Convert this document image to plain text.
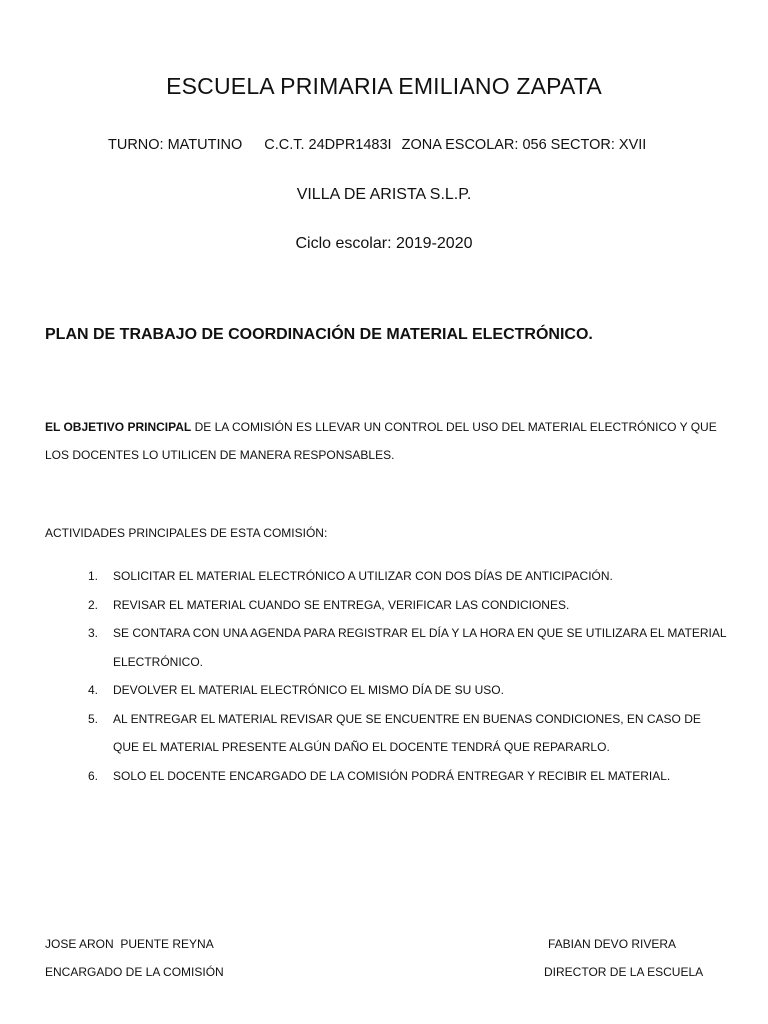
ESCUELA PRIMARIA EMILIANO ZAPATA
TURNO: MATUTINO C.C.T. 24DPR1483I ZONA ESCOLAR: 056 SECTOR: XVII
VILLA DE ARISTA S.L.P.
Ciclo escolar: 2019-2020
PLAN DE TRABAJO DE COORDINACIÓN DE MATERIAL ELECTRÓNICO.
EL OBJETIVO PRINCIPAL DE LA COMISIÓN ES LLEVAR UN CONTROL DEL USO DEL MATERIAL ELECTRÓNICO Y QUE LOS DOCENTES LO UTILICEN DE MANERA RESPONSABLES.
ACTIVIDADES PRINCIPALES DE ESTA COMISIÓN:
1. SOLICITAR EL MATERIAL ELECTRÓNICO A UTILIZAR CON DOS DÍAS DE ANTICIPACIÓN.
2. REVISAR EL MATERIAL CUANDO SE ENTREGA, VERIFICAR LAS CONDICIONES.
3. SE CONTARA CON UNA AGENDA PARA REGISTRAR EL DÍA Y LA HORA EN QUE SE UTILIZARA EL MATERIAL ELECTRÓNICO.
4. DEVOLVER EL MATERIAL ELECTRÓNICO EL MISMO DÍA DE SU USO.
5. AL ENTREGAR EL MATERIAL REVISAR QUE SE ENCUENTRE EN BUENAS CONDICIONES, EN CASO DE QUE EL MATERIAL PRESENTE ALGÚN DAÑO EL DOCENTE TENDRÁ QUE REPARARLO.
6. SOLO EL DOCENTE ENCARGADO DE LA COMISIÓN PODRÁ ENTREGAR Y RECIBIR EL MATERIAL.
JOSE ARON  PUENTE REYNA
ENCARGADO DE LA COMISIÓN
FABIAN DEVO RIVERA
DIRECTOR DE LA ESCUELA
